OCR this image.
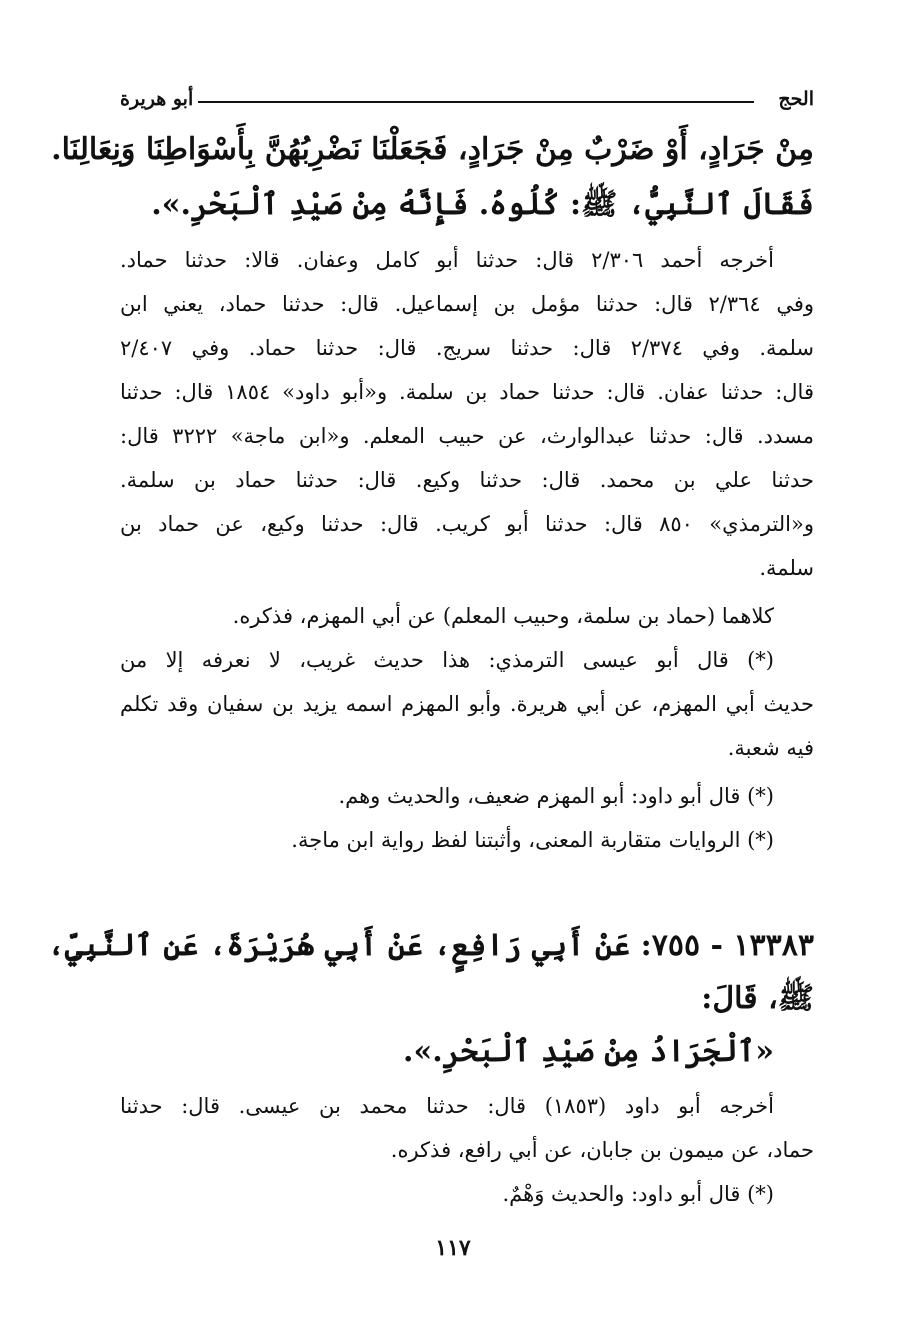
الحج
أبو هريرة
مِنْ جَرَادٍ، أَوْ ضَرْبٌ مِنْ جَرَادٍ، فَجَعَلْنَا نَضْرِبُهُنَّ بِأَسْوَاطِنَا وَنِعَالِنَا.
فَقَالَ ٱلنَّبِيُّ، ﷺ: كُلُوهُ. فَإِنَّهُ مِنْ صَيْدِ ٱلْبَحْرِ.».
أخرجه أحمد ٢/٣٠٦ قال: حدثنا أبو كامل وعفان. قالا: حدثنا حماد.
وفي ٢/٣٦٤ قال: حدثنا مؤمل بن إسماعيل. قال: حدثنا حماد، يعني ابن
سلمة. وفي ٢/٣٧٤ قال: حدثنا سريج. قال: حدثنا حماد. وفي ٢/٤٠٧
قال: حدثنا عفان. قال: حدثنا حماد بن سلمة. و«أبو داود» ١٨٥٤ قال: حدثنا
مسدد. قال: حدثنا عبدالوارث، عن حبيب المعلم. و«ابن ماجة» ٣٢٢٢ قال:
حدثنا علي بن محمد. قال: حدثنا وكيع. قال: حدثنا حماد بن سلمة.
و«الترمذي» ٨٥٠ قال: حدثنا أبو كريب. قال: حدثنا وكيع، عن حماد بن
سلمة.
كلاهما (حماد بن سلمة، وحبيب المعلم) عن أبي المهزم، فذكره.
(*) قال أبو عيسى الترمذي: هذا حديث غريب، لا نعرفه إلا من
حديث أبي المهزم، عن أبي هريرة. وأبو المهزم اسمه يزيد بن سفيان وقد تكلم
فيه شعبة.
(*) قال أبو داود: أبو المهزم ضعيف، والحديث وهم.
(*) الروايات متقاربة المعنى، وأثبتنا لفظ رواية ابن ماجة.
١٣٣٨٣ - ٧٥٥: عَنْ أَبِي رَافِعٍ، عَنْ أَبِي هُرَيْرَةَ، عَنِ ٱلنَّبِيِّ،
ﷺ، قَالَ:
«ٱلْجَرَادُ مِنْ صَيْدِ ٱلْبَحْرِ.».
أخرجه أبو داود (١٨٥٣) قال: حدثنا محمد بن عيسى. قال: حدثنا
حماد، عن ميمون بن جابان، عن أبي رافع، فذكره.
(*) قال أبو داود: والحديث وَهْمٌ.
١١٧
